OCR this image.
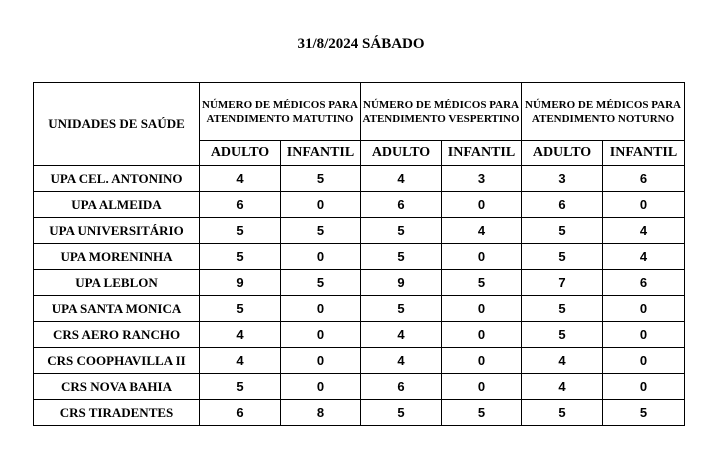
31/8/2024 SÁBADO
UNIDADES DE SAÚDE	NÚMERO DE MÉDICOS PARA ATENDIMENTO MATUTINO		NÚMERO DE MÉDICOS PARA ATENDIMENTO VESPERTINO		NÚMERO DE MÉDICOS PARA ATENDIMENTO NOTURNO	
	ADULTO	INFANTIL	ADULTO	INFANTIL	ADULTO	INFANTIL
UPA CEL. ANTONINO	4	5	4	3	3	6
UPA ALMEIDA	6	0	6	0	6	0
UPA UNIVERSITÁRIO	5	5	5	4	5	4
UPA MORENINHA	5	0	5	0	5	4
UPA LEBLON	9	5	9	5	7	6
UPA SANTA MONICA	5	0	5	0	5	0
CRS AERO RANCHO	4	0	4	0	5	0
CRS COOPHAVILLA II	4	0	4	0	4	0
CRS NOVA BAHIA	5	0	6	0	4	0
CRS TIRADENTES	6	8	5	5	5	5
